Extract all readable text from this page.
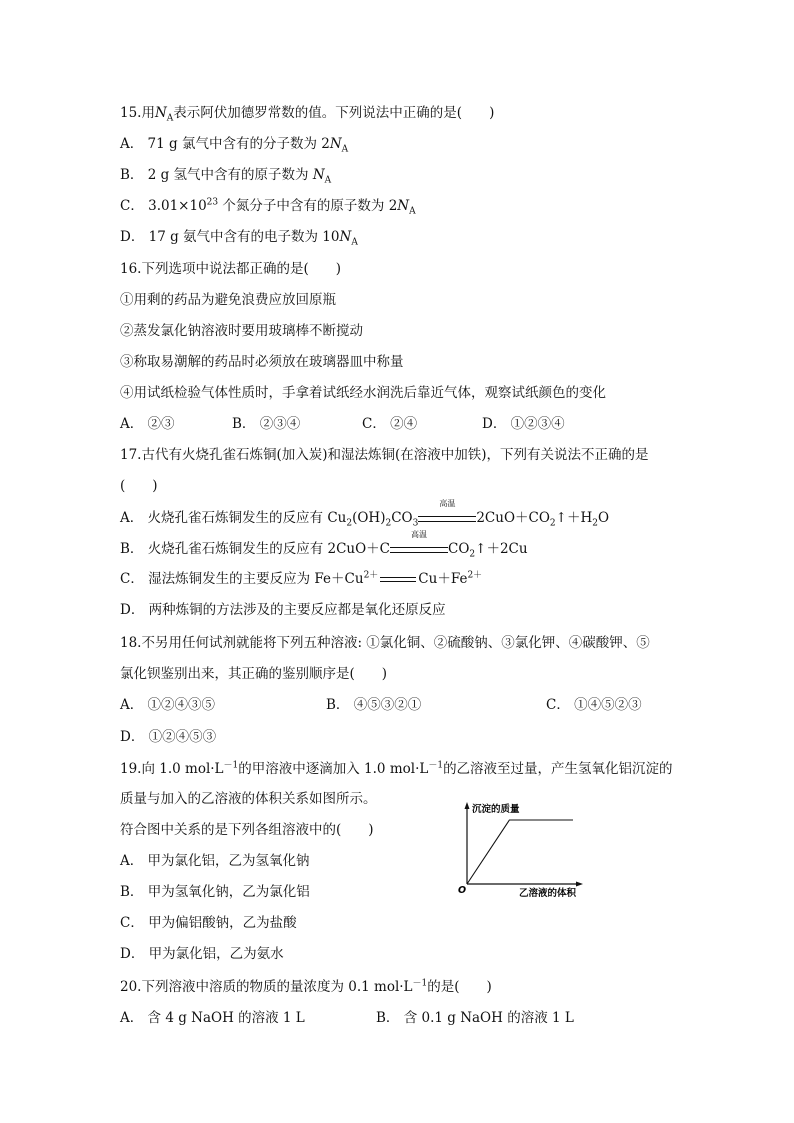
15.用$N_A$表示阿伏加德罗常数的值。下列说法中正确的是(　　)
A． 71 g 氯气中含有的分子数为 $2N_A$
B． 2 g 氢气中含有的原子数为 $N_A$
C． $3.01\times 10^{23}$ 个氮分子中含有的原子数为 $2N_A$
D． 17 g 氨气中含有的电子数为 $10N_A$
16.下列选项中说法都正确的是(　　)
①用剩的药品为避免浪费应放回原瓶
②蒸发氯化钠溶液时要用玻璃棒不断搅动
③称取易潮解的药品时必须放在玻璃器皿中称量
④用试纸检验气体性质时，手拿着试纸经水润洗后靠近气体，观察试纸颜色的变化
A． ②③	B． ②③④	C． ②④	D． ①②③④
17.古代有火烧孔雀石炼铜(加入炭)和湿法炼铜(在溶液中加铁)，下列有关说法不正确的是
(　　)
A． 火烧孔雀石炼铜发生的反应有 $Cu_2(OH)_2CO_3$
高温
$2CuO+CO_2↑+H_2O$
B． 火烧孔雀石炼铜发生的反应有 2CuO＋C
高温
$CO_2↑+2Cu$
C． 湿法炼铜发生的主要反应为 $Fe+Cu^{2+}$	$Cu+Fe^{2+}$
D． 两种炼铜的方法涉及的主要反应都是氧化还原反应
18.不另用任何试剂就能将下列五种溶液: ①氯化铜、②硫酸钠、③氯化钾、④碳酸钾、⑤
氯化钡鉴别出来，其正确的鉴别顺序是(　　)
A． ①②④③⑤	B． ④⑤③②①	C． ①④⑤②③
D． ①②④⑤③
19.向 1.0 $mol\cdot L^{-1}$的甲溶液中逐滴加入 1.0 $mol\cdot L^{-1}$的乙溶液至过量，产生氢氧化铝沉淀的
质量与加入的乙溶液的体积关系如图所示。
符合图中关系的是下列各组溶液中的(　　)
A． 甲为氯化铝，乙为氢氧化钠
B． 甲为氢氧化钠，乙为氯化铝
C． 甲为偏铝酸钠，乙为盐酸
D． 甲为氯化铝，乙为氨水
沉淀的质量
乙溶液的体积
O
20.下列溶液中溶质的物质的量浓度为 0.1 $mol\cdot L^{-1}$的是(　　)
A． 含 4 g NaOH 的溶液 1 L	B． 含 0.1 g NaOH 的溶液 1 L
